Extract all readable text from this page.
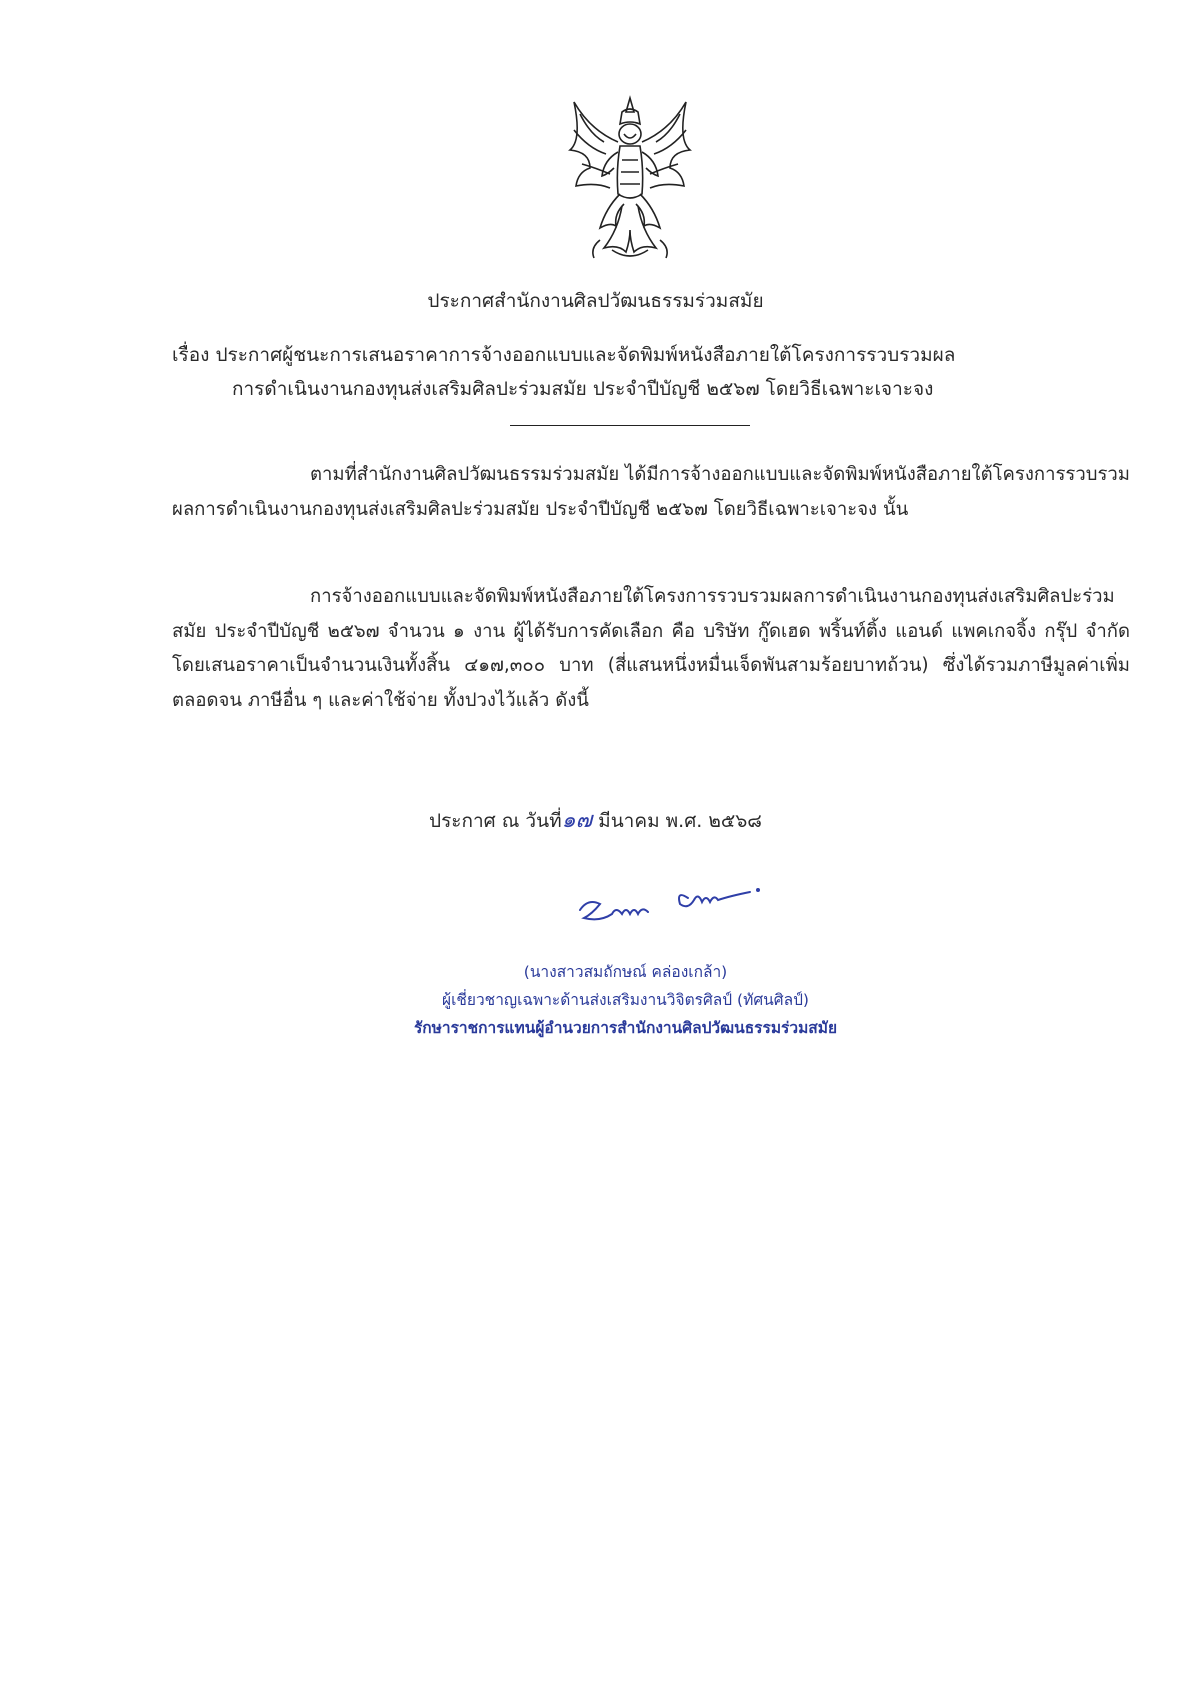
ประกาศสำนักงานศิลปวัฒนธรรมร่วมสมัย
เรื่อง ประกาศผู้ชนะการเสนอราคาการจ้างออกแบบและจัดพิมพ์หนังสือภายใต้โครงการรวบรวมผล
การดำเนินงานกองทุนส่งเสริมศิลปะร่วมสมัย ประจำปีบัญชี ๒๕๖๗ โดยวิธีเฉพาะเจาะจง
ตามที่สำนักงานศิลปวัฒนธรรมร่วมสมัย ได้มีการจ้างออกแบบและจัดพิมพ์หนังสือภายใต้โครงการรวบรวมผลการดำเนินงานกองทุนส่งเสริมศิลปะร่วมสมัย ประจำปีบัญชี ๒๕๖๗ โดยวิธีเฉพาะเจาะจง นั้น
การจ้างออกแบบและจัดพิมพ์หนังสือภายใต้โครงการรวบรวมผลการดำเนินงานกองทุนส่งเสริมศิลปะร่วมสมัย ประจำปีบัญชี ๒๕๖๗ จำนวน ๑ งาน ผู้ได้รับการคัดเลือก คือ บริษัท กู๊ดเฮด พริ้นท์ติ้ง แอนด์ แพคเกจจิ้ง กรุ๊ป จำกัด โดยเสนอราคาเป็นจำนวนเงินทั้งสิ้น ๔๑๗,๓๐๐ บาท (สี่แสนหนึ่งหมื่นเจ็ดพันสามร้อยบาทถ้วน) ซึ่งได้รวมภาษีมูลค่าเพิ่มตลอดจน ภาษีอื่น ๆ และค่าใช้จ่าย ทั้งปวงไว้แล้ว ดังนี้
ประกาศ ณ วันที่๑๗ มีนาคม พ.ศ. ๒๕๖๘
(นางสาวสมถักษณ์ คล่องเกล้า)
ผู้เชี่ยวชาญเฉพาะด้านส่งเสริมงานวิจิตรศิลป์ (ทัศนศิลป์)
รักษาราชการแทนผู้อำนวยการสำนักงานศิลปวัฒนธรรมร่วมสมัย
